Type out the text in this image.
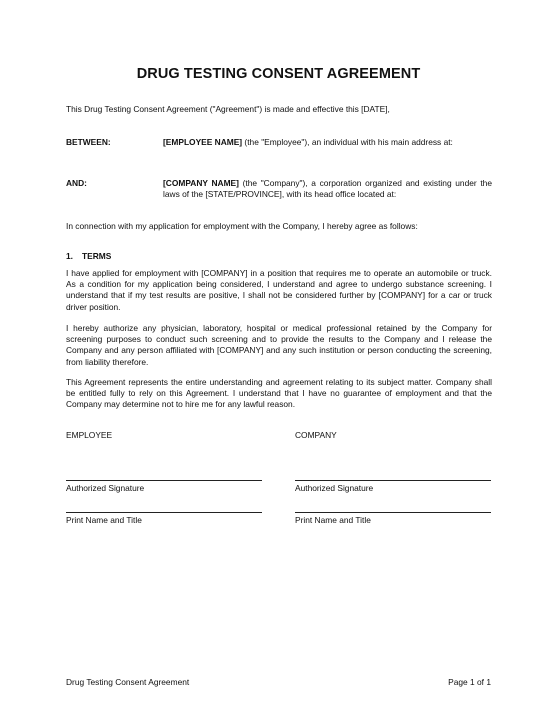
DRUG TESTING CONSENT AGREEMENT
This Drug Testing Consent Agreement ("Agreement") is made and effective this [DATE],
BETWEEN:	[EMPLOYEE NAME] (the "Employee"), an individual with his main address at:
AND:	[COMPANY NAME] (the "Company"), a corporation organized and existing under the laws of the [STATE/PROVINCE], with its head office located at:
In connection with my application for employment with the Company, I hereby agree as follows:
1. TERMS
I have applied for employment with [COMPANY] in a position that requires me to operate an automobile or truck. As a condition for my application being considered, I understand and agree to undergo substance screening. I understand that if my test results are positive, I shall not be considered further by [COMPANY] for a car or truck driver position.
I hereby authorize any physician, laboratory, hospital or medical professional retained by the Company for screening purposes to conduct such screening and to provide the results to the Company and I release the Company and any person affiliated with [COMPANY] and any such institution or person conducting the screening, from liability therefore.
This Agreement represents the entire understanding and agreement relating to its subject matter. Company shall be entitled fully to rely on this Agreement. I understand that I have no guarantee of employment and that the Company may determine not to hire me for any lawful reason.
EMPLOYEE	COMPANY
Authorized Signature	Authorized Signature
Print Name and Title	Print Name and Title
Drug Testing Consent Agreement	Page 1 of 1
